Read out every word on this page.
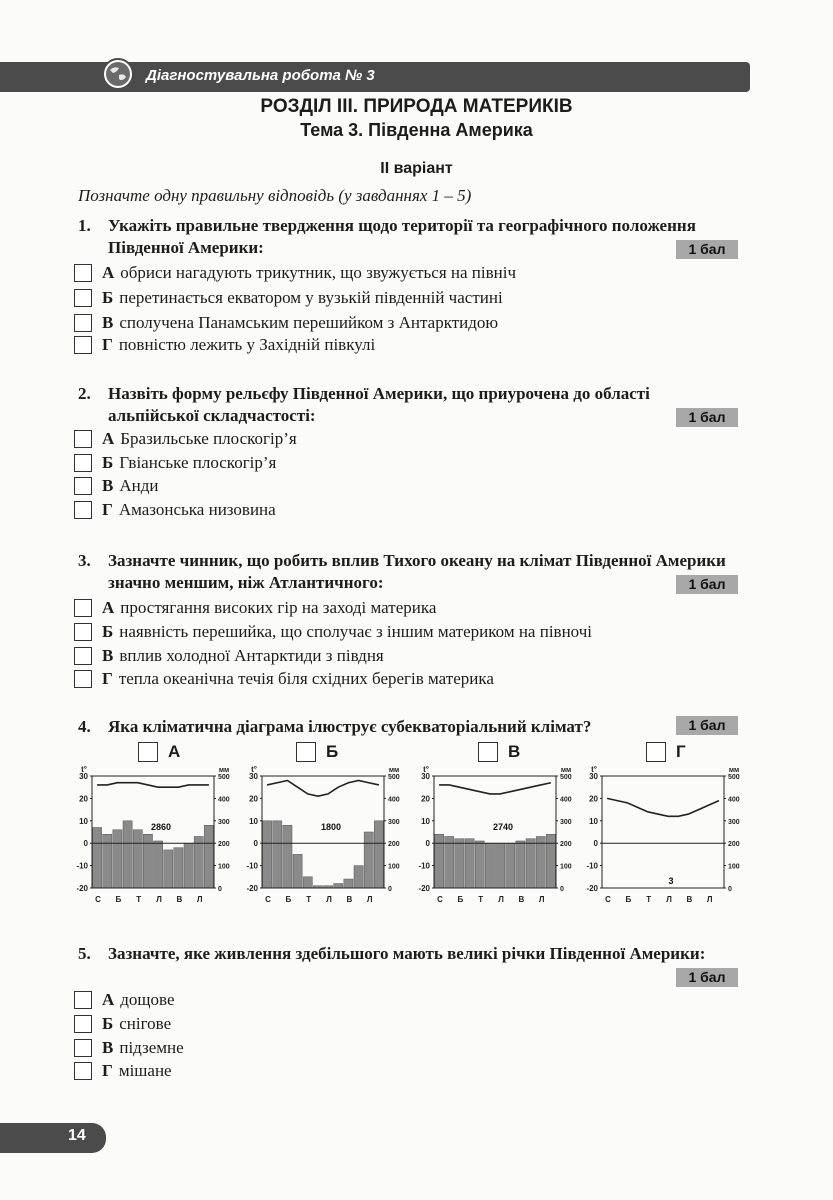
Діагностувальна робота № 3
РОЗДІЛ ІІІ. ПРИРОДА МАТЕРИКІВ
Тема 3. Південна Америка
ІІ варіант
Позначте одну правильну відповідь (у завданнях 1 – 5)
1. Укажіть правильне твердження щодо території та географічного положення Південної Америки:	1 бал
А обриси нагадують трикутник, що звужується на північ
Б перетинається екватором у вузькій південній частині
В сполучена Панамським перешийком з Антарктидою
Г повністю лежить у Західній півкулі
2. Назвіть форму рельєфу Південної Америки, що приурочена до області альпійської складчастості:	1 бал
А Бразильське плоскогір’я
Б Гвіанське плоскогір’я
В Анди
Г Амазонська низовина
3. Зазначте чинник, що робить вплив Тихого океану на клімат Південної Америки значно меншим, ніж Атлантичного:	1 бал
А простягання високих гір на заході материка
Б наявність перешийка, що сполучає з іншим материком на півночі
В вплив холодної Антарктиди з півдня
Г тепла океанічна течія біля східних берегів материка
4. Яка кліматична діаграма ілюструє субекваторіальний клімат?	1 бал
А	Б	В	Г
30
20
10
0
-10
-20
500
400
300
200
100
0
t°	мм
2860
С Б Т Л В Л
30
20
10
0
-10
-20
500
400
300
200
100
0
t°	мм
1800
С Б Т Л В Л
30
20
10
0
-10
-20
500
400
300
200
100
0
t°	мм
2740
С Б Т Л В Л
30
20
10
0
-10
-20
500
400
300
200
100
0
t°	мм
3
С Б Т Л В Л
5. Зазначте, яке живлення здебільшого мають великі річки Південної Америки:
1 бал
А дощове
Б снігове
В підземне
Г мішане
14
